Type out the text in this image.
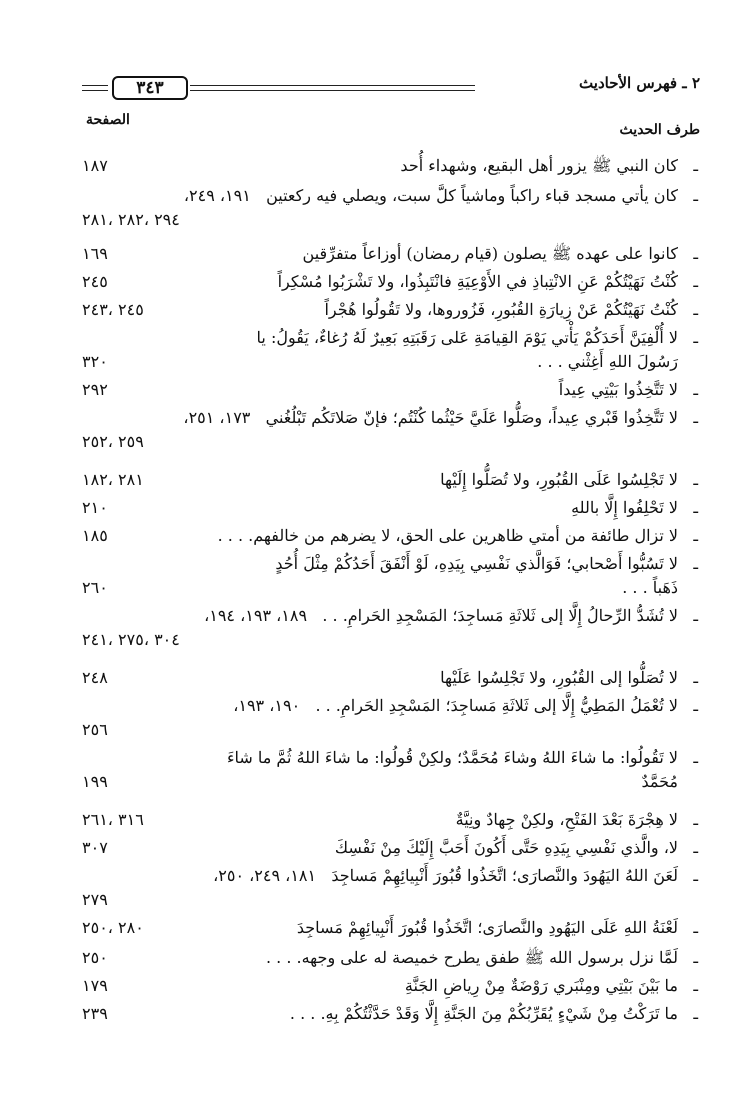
٢ ـ فهرس الأحاديث
٣٤٣
طرف الحديث
الصفحة
ـ
كان النبي ﷺ يزور أهل البقيع، وشهداء أُحد
١٨٧
ـ
كان يأتي مسجد قباء راكباً وماشياً كلَّ سبت، ويصلي فيه ركعتين   ١٩١، ٢٤٩،
٢٩٤ ،٢٨٢ ،٢٨١

ـ
كانوا على عهده ﷺ يصلون (قيام رمضان) أوزاعاً متفرِّقين
١٦٩
ـ
كُنْتُ نَهَيْتُكُمْ عَنِ الانْتِباذِ في الأَوْعِيَةِ فانْتَبِذُوا، ولا تَشْرَبُوا مُسْكِراً
٢٤٥
ـ
كُنْتُ نَهَيْتُكُمْ عَنْ زِيارَةِ القُبُورِ، فَزُوروها، ولا تَقُولُوا هُجْراً
٢٤٥ ،٢٤٣
ـ
لا أُلْفِيَنَّ أَحَدَكُمْ يَأْتي يَوْمَ القِيامَةِ عَلى رَقَبَتِهِ بَعِيرٌ لَهُ رُغاءٌ، يَقُولُ: يا
رَسُولَ اللهِ أَغِثْني . . .
٣٢٠
ـ
لا تَتَّخِذُوا بَيْتِي عِيداً
٢٩٢
ـ
لا تَتَّخِذُوا قَبْري عِيداً، وصَلُّوا عَلَيَّ حَيْثُما كُنْتُم؛ فإنّ صَلاتَكُم تَبْلُغُني   ١٧٣، ٢٥١،
٢٥٩ ،٢٥٢

ـ
لا تَجْلِسُوا عَلَى القُبُورِ، ولا تُصَلُّوا إِلَيْها
٢٨١ ،١٨٢
ـ
لا تَحْلِفُوا إِلَّا باللهِ
٢١٠
ـ
لا تزال طائفة من أمتي ظاهرين على الحق، لا يضرهم من خالفهم. . . .
١٨٥
ـ
لا تَسُبُّوا أَصْحابي؛ فَوَالَّذي نَفْسِي بِيَدِهِ، لَوْ أَنْفَقَ أَحَدُكُمْ مِثْلَ أُحُدٍ
ذَهَباً . . .
٢٦٠
ـ
لا تُشَدُّ الرِّحالُ إِلَّا إلى ثَلاثَةِ مَساجِدَ؛ المَسْجِدِ الحَرامِ. . .   ١٨٩، ١٩٣، ١٩٤،
٣٠٤ ،٢٧٥ ،٢٤١

ـ
لا تُصَلُّوا إلى القُبُورِ، ولا تَجْلِسُوا عَلَيْها
٢٤٨
ـ
لا تُعْمَلُ المَطِيُّ إِلَّا إلى ثَلاثَةِ مَساجِدَ؛ المَسْجِدِ الحَرامِ. . .   ١٩٠، ١٩٣،
٢٥٦

ـ
لا تَقُولُوا: ما شاءَ اللهُ وشاءَ مُحَمَّدٌ؛ ولكِنْ قُولُوا: ما شاءَ اللهُ ثُمَّ ما شاءَ
مُحَمَّدٌ
١٩٩
ـ
لا هِجْرَةَ بَعْدَ الفَتْحِ، ولكِنْ جِهادٌ ونِيَّةٌ
٣١٦ ،٢٦١
ـ
لا، والَّذي نَفْسِي بِيَدِهِ حَتَّى أَكُونَ أَحَبَّ إِلَيْكَ مِنْ نَفْسِكَ
٣٠٧
ـ
لَعَنَ اللهُ اليَهُودَ والنَّصارَى؛ اتَّخَذُوا قُبُورَ أَنْبِيائِهِمْ مَساجِدَ   ١٨١، ٢٤٩، ٢٥٠،
٢٧٩

ـ
لَعْنَةُ اللهِ عَلَى اليَهُودِ والنَّصارَى؛ اتَّخَذُوا قُبُورَ أَنْبِيائِهِمْ مَساجِدَ
٢٨٠ ،٢٥٠
ـ
لَمَّا نزل برسول الله ﷺ طفق يطرح خميصة له على وجهه. . . .
٢٥٠
ـ
ما بَيْنَ بَيْتِي ومِنْبَري رَوْضَةٌ مِنْ رِياضِ الجَنَّةِ
١٧٩
ـ
ما تَرَكْتُ مِنْ شَيْءٍ يُقَرِّبُكُمْ مِنَ الجَنَّةِ إِلَّا وَقَدْ حَدَّثْتُكُمْ بِهِ. . . .
٢٣٩
